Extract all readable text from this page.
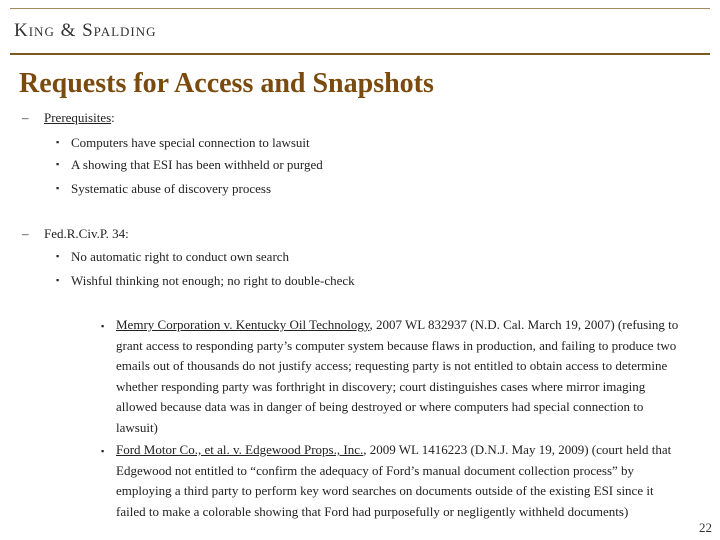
King & Spalding
Requests for Access and Snapshots
– Prerequisites:
▪ Computers have special connection to lawsuit
▪ A showing that ESI has been withheld or purged
▪ Systematic abuse of discovery process
– Fed.R.Civ.P. 34:
▪ No automatic right to conduct own search
▪ Wishful thinking not enough; no right to double-check
▪ Memry Corporation v. Kentucky Oil Technology, 2007 WL 832937 (N.D. Cal. March 19, 2007) (refusing to grant access to responding party’s computer system because flaws in production, and failing to produce two emails out of thousands do not justify access; requesting party is not entitled to obtain access to determine whether responding party was forthright in discovery; court distinguishes cases where mirror imaging allowed because data was in danger of being destroyed or where computers had special connection to lawsuit)
▪ Ford Motor Co., et al. v. Edgewood Props., Inc., 2009 WL 1416223 (D.N.J. May 19, 2009) (court held that Edgewood not entitled to “confirm the adequacy of Ford’s manual document collection process” by employing a third party to perform key word searches on documents outside of the existing ESI since it failed to make a colorable showing that Ford had purposefully or negligently withheld documents)
22
